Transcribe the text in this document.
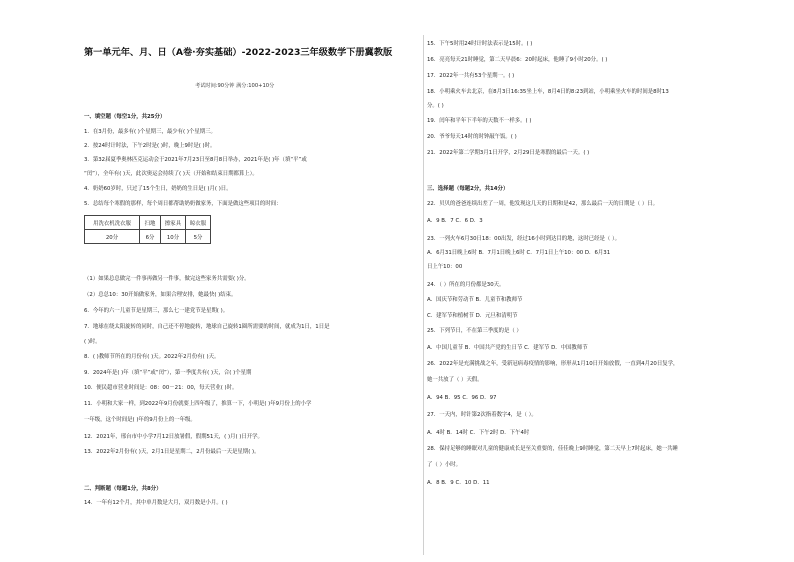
第一单元年、月、日（A卷·夯实基础）-2022-2023三年级数学下册冀教版
考试时间:90分钟 满分:100+10分
一、填空题（每空1分，共25分）
1．在3月份，最多有( )个星期三，最少有( )个星期三。
2．按24时计时法，下午2时是( )时，晚上9时是( )时。
3．第32届夏季奥林匹克运动会于2021年7月23日至8月8日举办，2021年是( )年（填“平”或
“闰”），全年有( )天，此次奥运会持续了( )天（开始和结束日期都算上）。
4．奶奶60岁时，只过了15个生日，奶奶的生日是( )月( )日。
5．总结每个寒假的那样，每个周日都帮助奶奶做家务，下面是做这些项目的时间：
用洗衣机洗衣服	扫地	擦家具	晾衣服
20分	6分	10分	5分
（1）如果总总做完一件事再做另一件事，做完这些家务共需要( )分。
（2）总总10：30开始做家务，如果合理安排，她最快( )结束。
6．今年的六一儿童节是星期三，那么七一建党节是星期( )。
7．地球在绕太阳旋转的同时，自己还不停地旋转，地球自己旋转1圈所需要的时间，就成为1日，1日是
( )时。
8．( )教师节所在的月份有( )天。2022年2月份有( )天。
9．2024年是( )年（填“平”或“闰”），第一季度共有( )天，合( )个星期
10．便民超市营业时间是：08：00－21：00，每天营业( )时。
11．小明和大家一样，到2022年9月份就要上四年级了，推算一下，小明是( )年9月份上的小学
一年级，这个时间是( )年的9月份上的一年级。
12．2021年，邢台市中小学7月12日放暑假，假期51天，( )月( )日开学。
13．2022年2月份有( )天，2月1日是星期二，2月份最后一天是星期( )。
二、判断题（每题1分，共8分）
14．一年有12个月，其中单月数是大月，双月数是小月。( )
15．下午5时用24时计时法表示是15时。( )
16．亮亮每天21时睡觉，第二天早晨6：20时起床，他睡了9小时20分。( )
17．2022年一共有53个星期一。( )
18．小明乘火车去北京，在8月3日16:35坐上车，8月4日的8:23到站，小明乘坐火车的时间是8时13
分。( )
19．闰年和平年下半年的天数不一样多。( )
20．爷爷每天14时的时钟敲午饭。( )
21．2022年第二学期3月1日开学，2月29日是寒假的最后一天。( )
三、选择题（每题2分，共14分）
22．贝贝的爸爸连续出差了一周，他发现这几天的日期和是42，那么最后一天的日期是（ ）日。
A．9 B．7 C．6 D．3
23．一列火车6月30日18：00出发，经过16小时到达目的地，这时已经是（ ）。
A．6月31日晚上6时 B．7月1日晚上6时 C．7月1日上午10：00 D．6月31
日上午10：00
24．（ ）所在的月份都是30天。
A．国庆节和劳动节 B．儿童节和教师节
C．建军节和植树节 D．元旦和清明节
25．下列节日，不在第三季度的是（ ）
A．中国儿童节 B．中国共产党的生日节 C．建军节 D．中国教师节
26．2022年是充满挑战之年，受新冠病毒疫情的影响，形形从1月10日开始放假，一直到4月20日复学，
她一共放了（ ）天假。
A．94 B．95 C．96 D．97
27．一天内，时针第2次指着数字4，是（ ）。
A．4时 B．14时 C．下午2时 D．下午4时
28．保持足够的睡眠对儿童的健康成长是至关重要的，佳佳晚上9时睡觉，第二天早上7时起床，她一共睡
了（ ）小时。
A．8 B．9 C．10 D．11
